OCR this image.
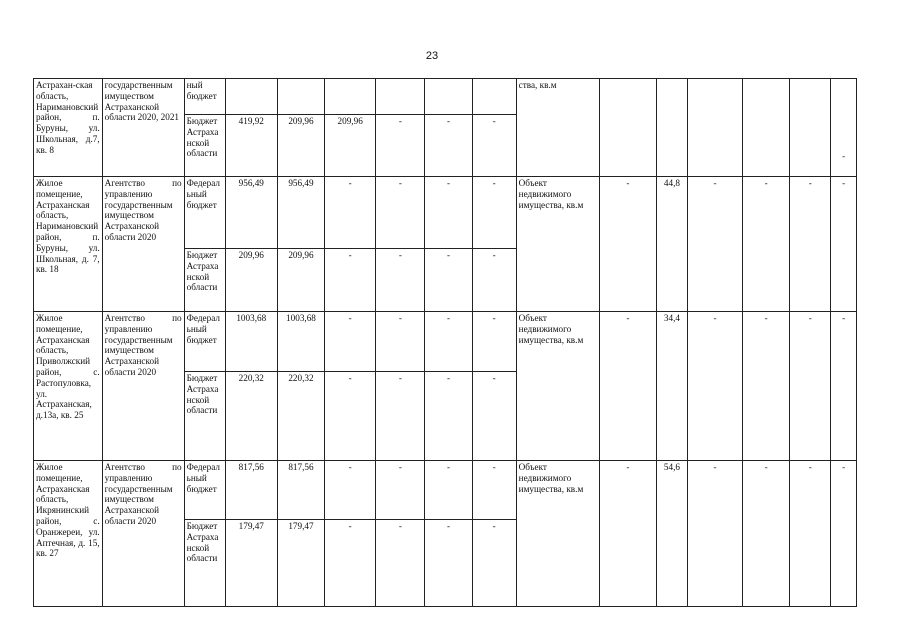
23
Астрахан-ская область, Наримановский район, п. Буруны, ул. Школьная, д.7, кв. 8	государственным имуществом Астраханской области 2020, 2021	ный бюджет							ства, кв.м						-
		Бюджет Астраханской области	419,92	209,96	209,96	-	-	-							
Жилое помещение, Астраханская область, Наримановский район, п. Буруны, ул. Школьная, д. 7, кв. 18	Агентство по управлению государственным имуществом Астраханской области 2020	Федеральный бюджет	956,49	956,49	-	-	-	-	Объект недвижимого имущества, кв.м	-	44,8	-	-	-	-
		Бюджет Астраханской области	209,96	209,96	-	-	-	-							
Жилое помещение, Астраханская область, Приволжский район, с. Растопуловка, ул. Астраханская, д.13а, кв. 25	Агентство по управлению государственным имуществом Астраханской области 2020	Федеральный бюджет	1003,68	1003,68	-	-	-	-	Объект недвижимого имущества, кв.м	-	34,4	-	-	-	-
		Бюджет Астраханской области	220,32	220,32	-	-	-	-							
Жилое помещение, Астраханская область, Икрянинский район, с. Оранжереи, ул. Аптечная, д. 15, кв. 27	Агентство по управлению государственным имуществом Астраханской области 2020	Федеральный бюджет	817,56	817,56	-	-	-	-	Объект недвижимого имущества, кв.м	-	54,6	-	-	-	-
		Бюджет Астраханской области	179,47	179,47	-	-	-	-							
